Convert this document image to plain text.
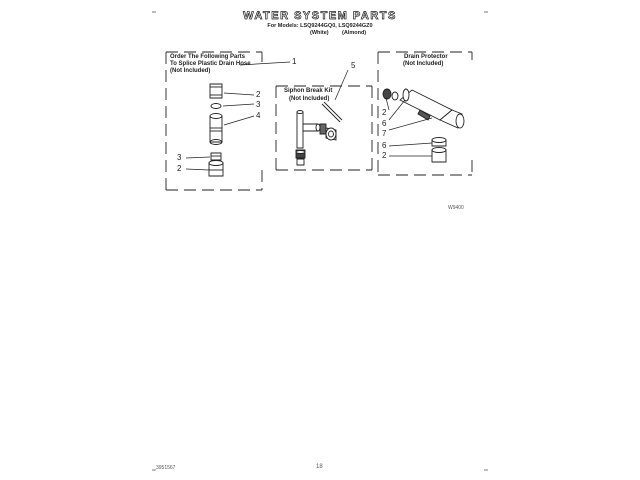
WATER SYSTEM PARTS
For Models: LSQ9244GQ0, LSQ9244GZ0
(White) (Almond)
Order The Following Parts
To Splice Plastic Drain Hose
(Not Included)
Siphon Break Kit
(Not Included)
Drain Protector
(Not Included)
1
2
3
4
3
2
5
2
6
7
6
2
W9400
3951567	18
